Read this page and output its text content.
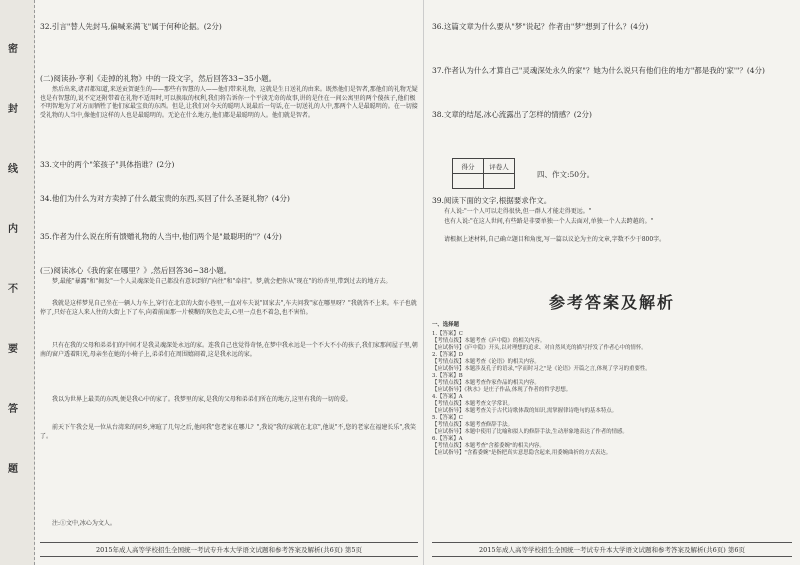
密
封
线
内
不
要
答
题

32.引言"替人先封马,偏喊来满飞"属于何种论据。(2分)

(二)阅读孙·亨利《走掉的礼物》中的一段文字，然后回答33~35小题。

然后出来,诸君都知道,来送贡贺诞生的——那些有智慧的人——他们带来礼物，这就是生日送礼的由来。既然他们是智者,那他们的礼物无疑也是有智慧的,说不定还附带着在礼物不适用时,可以换取的权利,我们将告诉你一个平淡无奇的故事,讲的是住在一间公寓里的两个傻孩子,他们极不明智地为了对方而牺牲了他们家最宝贵的东西。但是,让我们对今天的聪明人说最后一句话,在一切送礼的人中,那两个人是最聪明的。在一切接受礼物的人当中,像他们这样的人也是最聪明的。无论在什么地方,他们都是最聪明的人。他们就是智者。

33.文中的两个"笨孩子"具体指谁？(2分)

34.他们为什么为对方卖掉了什么最宝贵的东西,买回了什么圣诞礼物？(4分)

35.作者为什么说在所有馈赠礼物的人当中,他们两个是"最聪明的"？(4分)

(三)阅读冰心《我的家在哪里？》,然后回答36~38小题。

梦,最能"暴露"和"揭发"一个人灵魂深处自己都没有意识到的"向往"和"牵挂"。梦,就会把你从"现在"的纷沓里,带到过去的地方去。

我就是这样梦见自己坐在一辆人力车上,穿行在北京的大街小巷里,一直对车夫说"回家去",车夫问我"家在哪里呀？"我就答不上来。车子也就停了,只好在这人来人往的大街上下了车,向着前面那一片模糊的灰色走去,心里一点也不着急,也不害怕。

只有在我的父母和弟弟们的中间才是我灵魂深处永远的家。连我自己也觉得奇怪,在梦中我永远是一个不大不小的孩子,我们家那间屋子里,朝南的窗户透着阳光,母亲坐在她的小椅子上,弟弟们在周围嬉闹着,这是我永远的家。

我以为世界上最美的东西,便是我心中的家了。我梦里的家,是我的父母和弟弟们所在的地方,这里有我的一切的爱。

前天下午我会见一位从台湾来的同乡,寒暄了几句之后,他问我"您老家在哪儿？",我说"我的家就在北京",他说"不,您的老家在福建长乐",我笑了。

注:①文中,冰心为文人。

2015年成人高等学校招生全国统一考试专升本大学语文试题和参考答案及解析(共6页) 第5页

36.这篇文章为什么要从"梦"说起？作者由"梦"想到了什么？(4分)

37.作者认为什么才算自己"灵魂深处永久的家"？她为什么说只有他们住的地方"都是我的'家'"？(4分)

38.文章的结尾,冰心流露出了怎样的情感？(2分)

得分	评卷人

四、作文:50分。

39.阅读下面的文字,根据要求作文。

有人说:"一个人可以走得很快,但一群人才能走得更远。"

也有人说:"在这人世间,有些路是非要单独一个人去面对,单独一个人去跨越的。"

请根据上述材料,自己确立题目和角度,写一篇以议论为主的文章,字数不少于800字。

参考答案及解析

一、选择题

1.【答案】C

【考情点拨】本题考查《庐中隐》的相关内容。

【应试指导】《庐中隐》开头,以对理想的追求、对自然风光的描写抒发了作者心中的情怀。

2.【答案】D

【考情点拨】本题考查《论语》的相关内容。

【应试指导】本题涉及孔子的语录,"学而时习之"是《论语》开篇之言,体现了学习的重要性。

3.【答案】B

【考情点拨】本题考查作家作品的相关内容。

【应试指导】《秋水》是庄子作品,体现了作者的哲学思想。

4.【答案】A

【考情点拨】本题考查文学常识。

【应试指导】本题考查关于古代诗歌体裁的知识,需掌握律诗绝句的基本特点。

5.【答案】C

【考情点拨】本题考查修辞手法。

【应试指导】本题中使用了比喻和拟人的修辞手法,生动形象地表达了作者的情感。

6.【答案】A

【考情点拨】本题考查"含蓄委婉"的相关内容。

【应试指导】"含蓄委婉"是指把真实意思隐含起来,用委婉曲折的方式表达。

2015年成人高等学校招生全国统一考试专升本大学语文试题和参考答案及解析(共6页) 第6页
